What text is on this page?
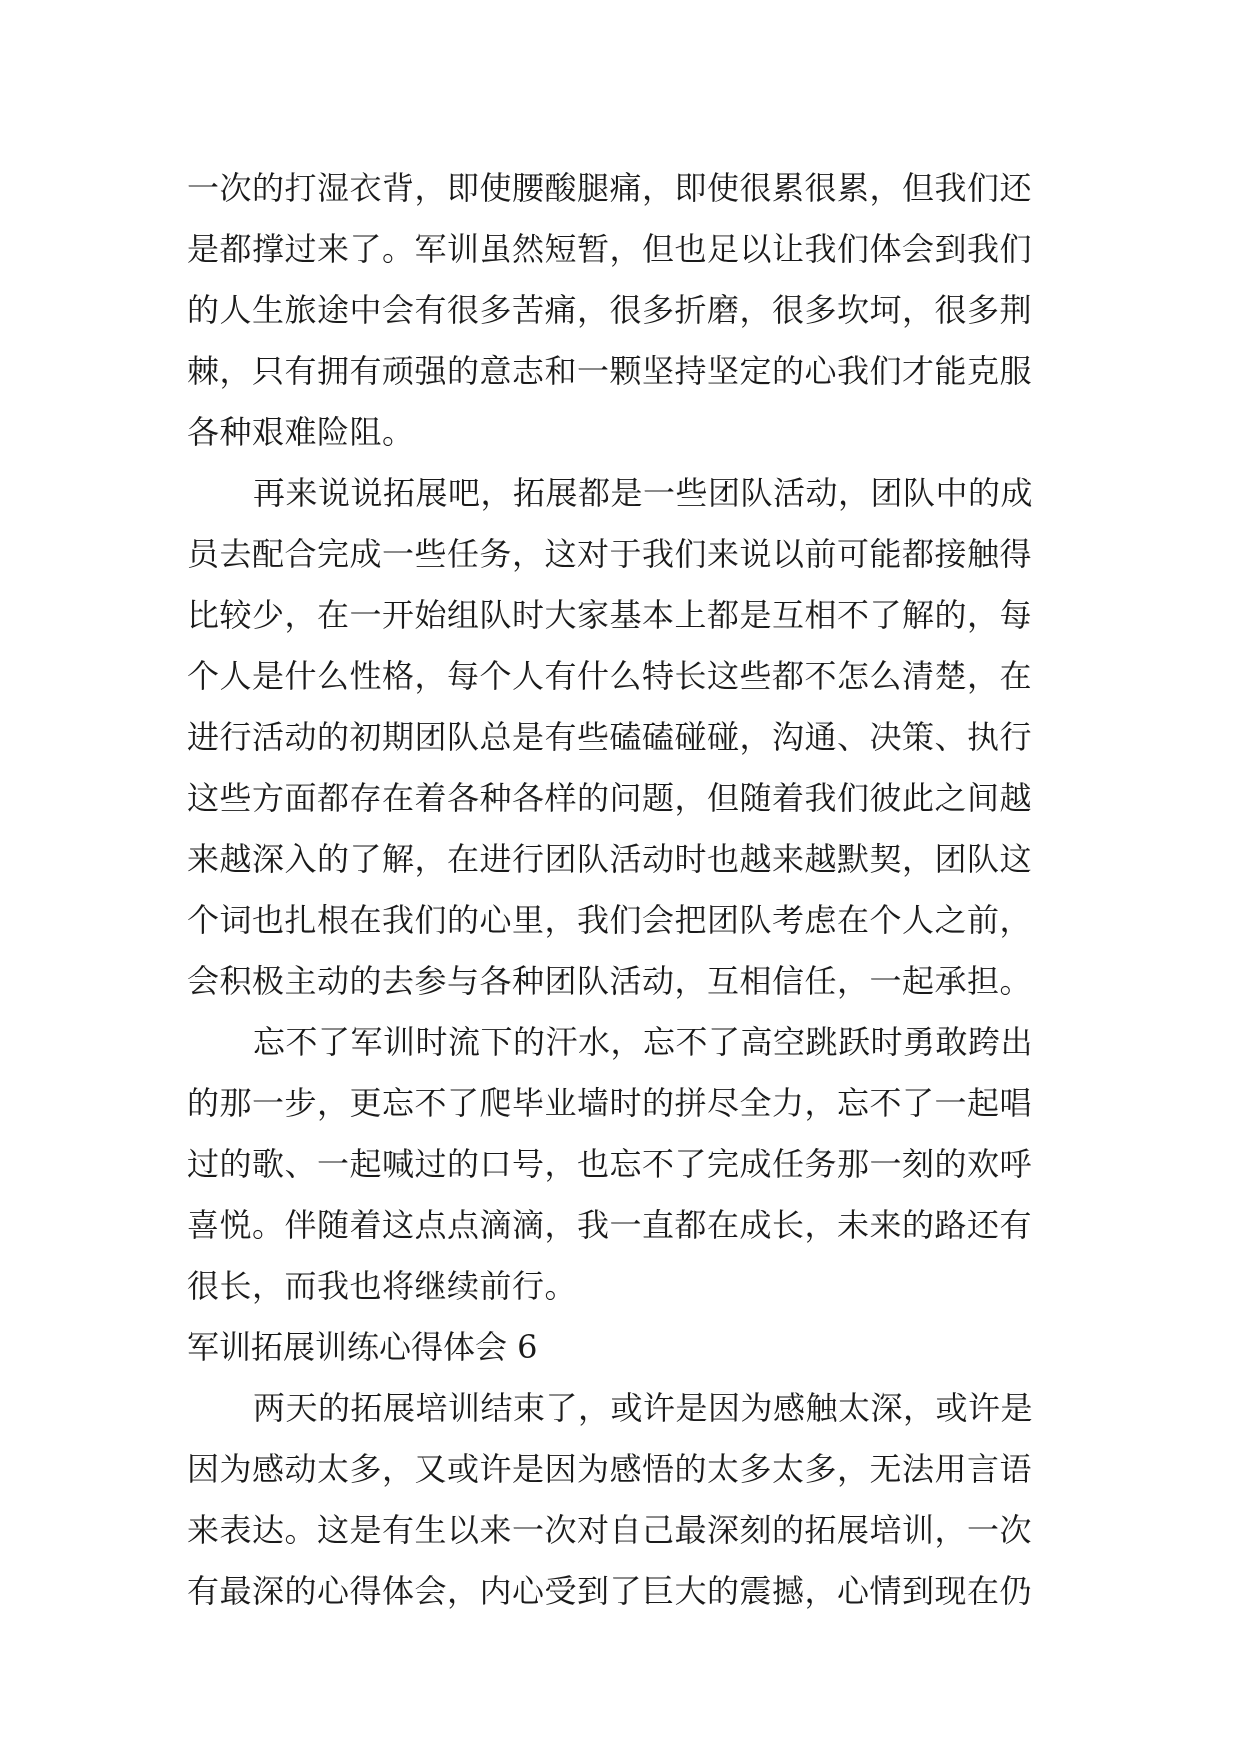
一次的打湿衣背，即使腰酸腿痛，即使很累很累，但我们还
是都撑过来了。军训虽然短暂，但也足以让我们体会到我们
的人生旅途中会有很多苦痛，很多折磨，很多坎坷，很多荆
棘，只有拥有顽强的意志和一颗坚持坚定的心我们才能克服
各种艰难险阻。
再来说说拓展吧，拓展都是一些团队活动，团队中的成
员去配合完成一些任务，这对于我们来说以前可能都接触得
比较少，在一开始组队时大家基本上都是互相不了解的，每
个人是什么性格，每个人有什么特长这些都不怎么清楚，在
进行活动的初期团队总是有些磕磕碰碰，沟通、决策、执行
这些方面都存在着各种各样的问题，但随着我们彼此之间越
来越深入的了解，在进行团队活动时也越来越默契，团队这
个词也扎根在我们的心里，我们会把团队考虑在个人之前，
会积极主动的去参与各种团队活动，互相信任，一起承担。
忘不了军训时流下的汗水，忘不了高空跳跃时勇敢跨出
的那一步，更忘不了爬毕业墙时的拼尽全力，忘不了一起唱
过的歌、一起喊过的口号，也忘不了完成任务那一刻的欢呼
喜悦。伴随着这点点滴滴，我一直都在成长，未来的路还有
很长，而我也将继续前行。
军训拓展训练心得体会 6
两天的拓展培训结束了，或许是因为感触太深，或许是
因为感动太多，又或许是因为感悟的太多太多，无法用言语
来表达。这是有生以来一次对自己最深刻的拓展培训，一次
有最深的心得体会，内心受到了巨大的震撼，心情到现在仍
